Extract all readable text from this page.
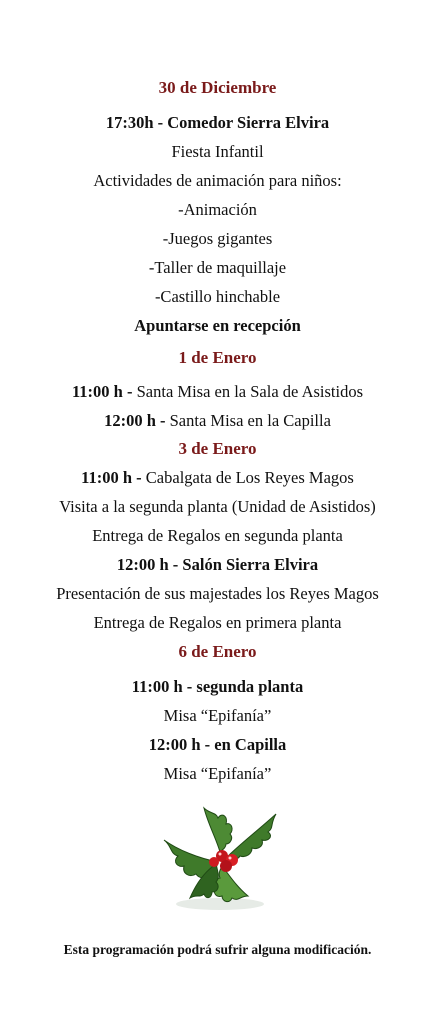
30 de Diciembre
17:30h - Comedor Sierra Elvira
Fiesta Infantil
Actividades de animación para niños:
-Animación
-Juegos gigantes
-Taller de maquillaje
-Castillo hinchable
Apuntarse en recepción
1 de Enero
11:00 h - Santa Misa en la Sala de Asistidos
12:00 h - Santa Misa en la Capilla
3 de Enero
11:00 h - Cabalgata de Los Reyes Magos
Visita a la segunda planta (Unidad de Asistidos)
Entrega de Regalos en segunda planta
12:00 h - Salón Sierra Elvira
Presentación de sus majestades los Reyes Magos
Entrega de Regalos en primera planta
6 de Enero
11:00 h - segunda planta
Misa “Epifanía”
12:00 h - en Capilla
Misa “Epifanía”
Esta programación podrá sufrir alguna modificación.
